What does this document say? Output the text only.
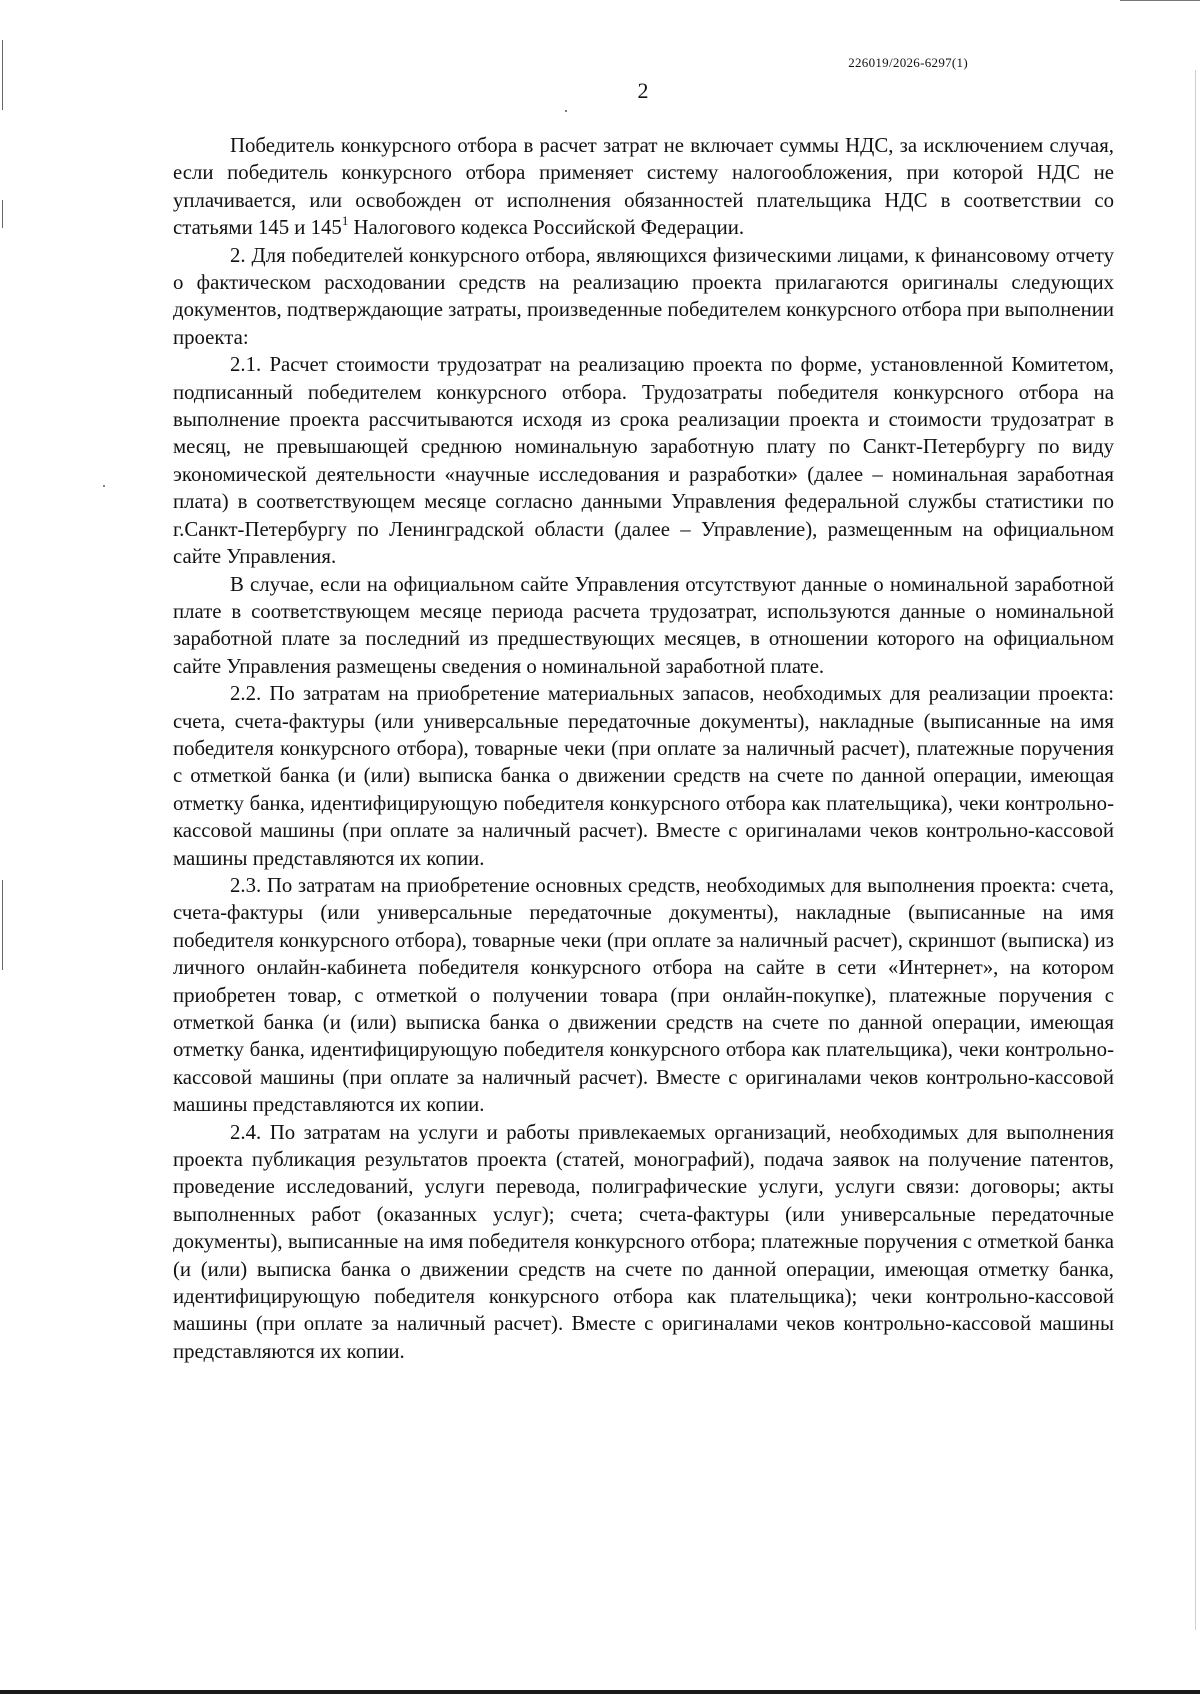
226019/2026-6297(1)
2

Победитель конкурсного отбора в расчет затрат не включает суммы НДС, за исключением случая, если победитель конкурсного отбора применяет систему налогообложения, при которой НДС не уплачивается, или освобожден от исполнения обязанностей плательщика НДС в соответствии со статьями 145 и $145^1$ Налогового кодекса Российской Федерации.

2. Для победителей конкурсного отбора, являющихся физическими лицами, к финансовому отчету о фактическом расходовании средств на реализацию проекта прилагаются оригиналы следующих документов, подтверждающие затраты, произведенные победителем конкурсного отбора при выполнении проекта:

2.1. Расчет стоимости трудозатрат на реализацию проекта по форме, установленной Комитетом, подписанный победителем конкурсного отбора. Трудозатраты победителя конкурсного отбора на выполнение проекта рассчитываются исходя из срока реализации проекта и стоимости трудозатрат в месяц, не превышающей среднюю номинальную заработную плату по Санкт-Петербургу по виду экономической деятельности «научные исследования и разработки» (далее – номинальная заработная плата) в соответствующем месяце согласно данными Управления федеральной службы статистики по г.Санкт-Петербургу по Ленинградской области (далее – Управление), размещенным на официальном сайте Управления.

В случае, если на официальном сайте Управления отсутствуют данные о номинальной заработной плате в соответствующем месяце периода расчета трудозатрат, используются данные о номинальной заработной плате за последний из предшествующих месяцев, в отношении которого на официальном сайте Управления размещены сведения о номинальной заработной плате.

2.2. По затратам на приобретение материальных запасов, необходимых для реализации проекта: счета, счета-фактуры (или универсальные передаточные документы), накладные (выписанные на имя победителя конкурсного отбора), товарные чеки (при оплате за наличный расчет), платежные поручения с отметкой банка (и (или) выписка банка о движении средств на счете по данной операции, имеющая отметку банка, идентифицирующую победителя конкурсного отбора как плательщика), чеки контрольно-кассовой машины (при оплате за наличный расчет). Вместе с оригиналами чеков контрольно-кассовой машины представляются их копии.

2.3. По затратам на приобретение основных средств, необходимых для выполнения проекта: счета, счета-фактуры (или универсальные передаточные документы), накладные (выписанные на имя победителя конкурсного отбора), товарные чеки (при оплате за наличный расчет), скриншот (выписка) из личного онлайн-кабинета победителя конкурсного отбора на сайте в сети «Интернет», на котором приобретен товар, с отметкой о получении товара (при онлайн-покупке), платежные поручения с отметкой банка (и (или) выписка банка о движении средств на счете по данной операции, имеющая отметку банка, идентифицирующую победителя конкурсного отбора как плательщика), чеки контрольно-кассовой машины (при оплате за наличный расчет). Вместе с оригиналами чеков контрольно-кассовой машины представляются их копии.

2.4. По затратам на услуги и работы привлекаемых организаций, необходимых для выполнения проекта публикация результатов проекта (статей, монографий), подача заявок на получение патентов, проведение исследований, услуги перевода, полиграфические услуги, услуги связи: договоры; акты выполненных работ (оказанных услуг); счета; счета-фактуры (или универсальные передаточные документы), выписанные на имя победителя конкурсного отбора; платежные поручения с отметкой банка (и (или) выписка банка о движении средств на счете по данной операции, имеющая отметку банка, идентифицирующую победителя конкурсного отбора как плательщика); чеки контрольно-кассовой машины (при оплате за наличный расчет). Вместе с оригиналами чеков контрольно-кассовой машины представляются их копии.
